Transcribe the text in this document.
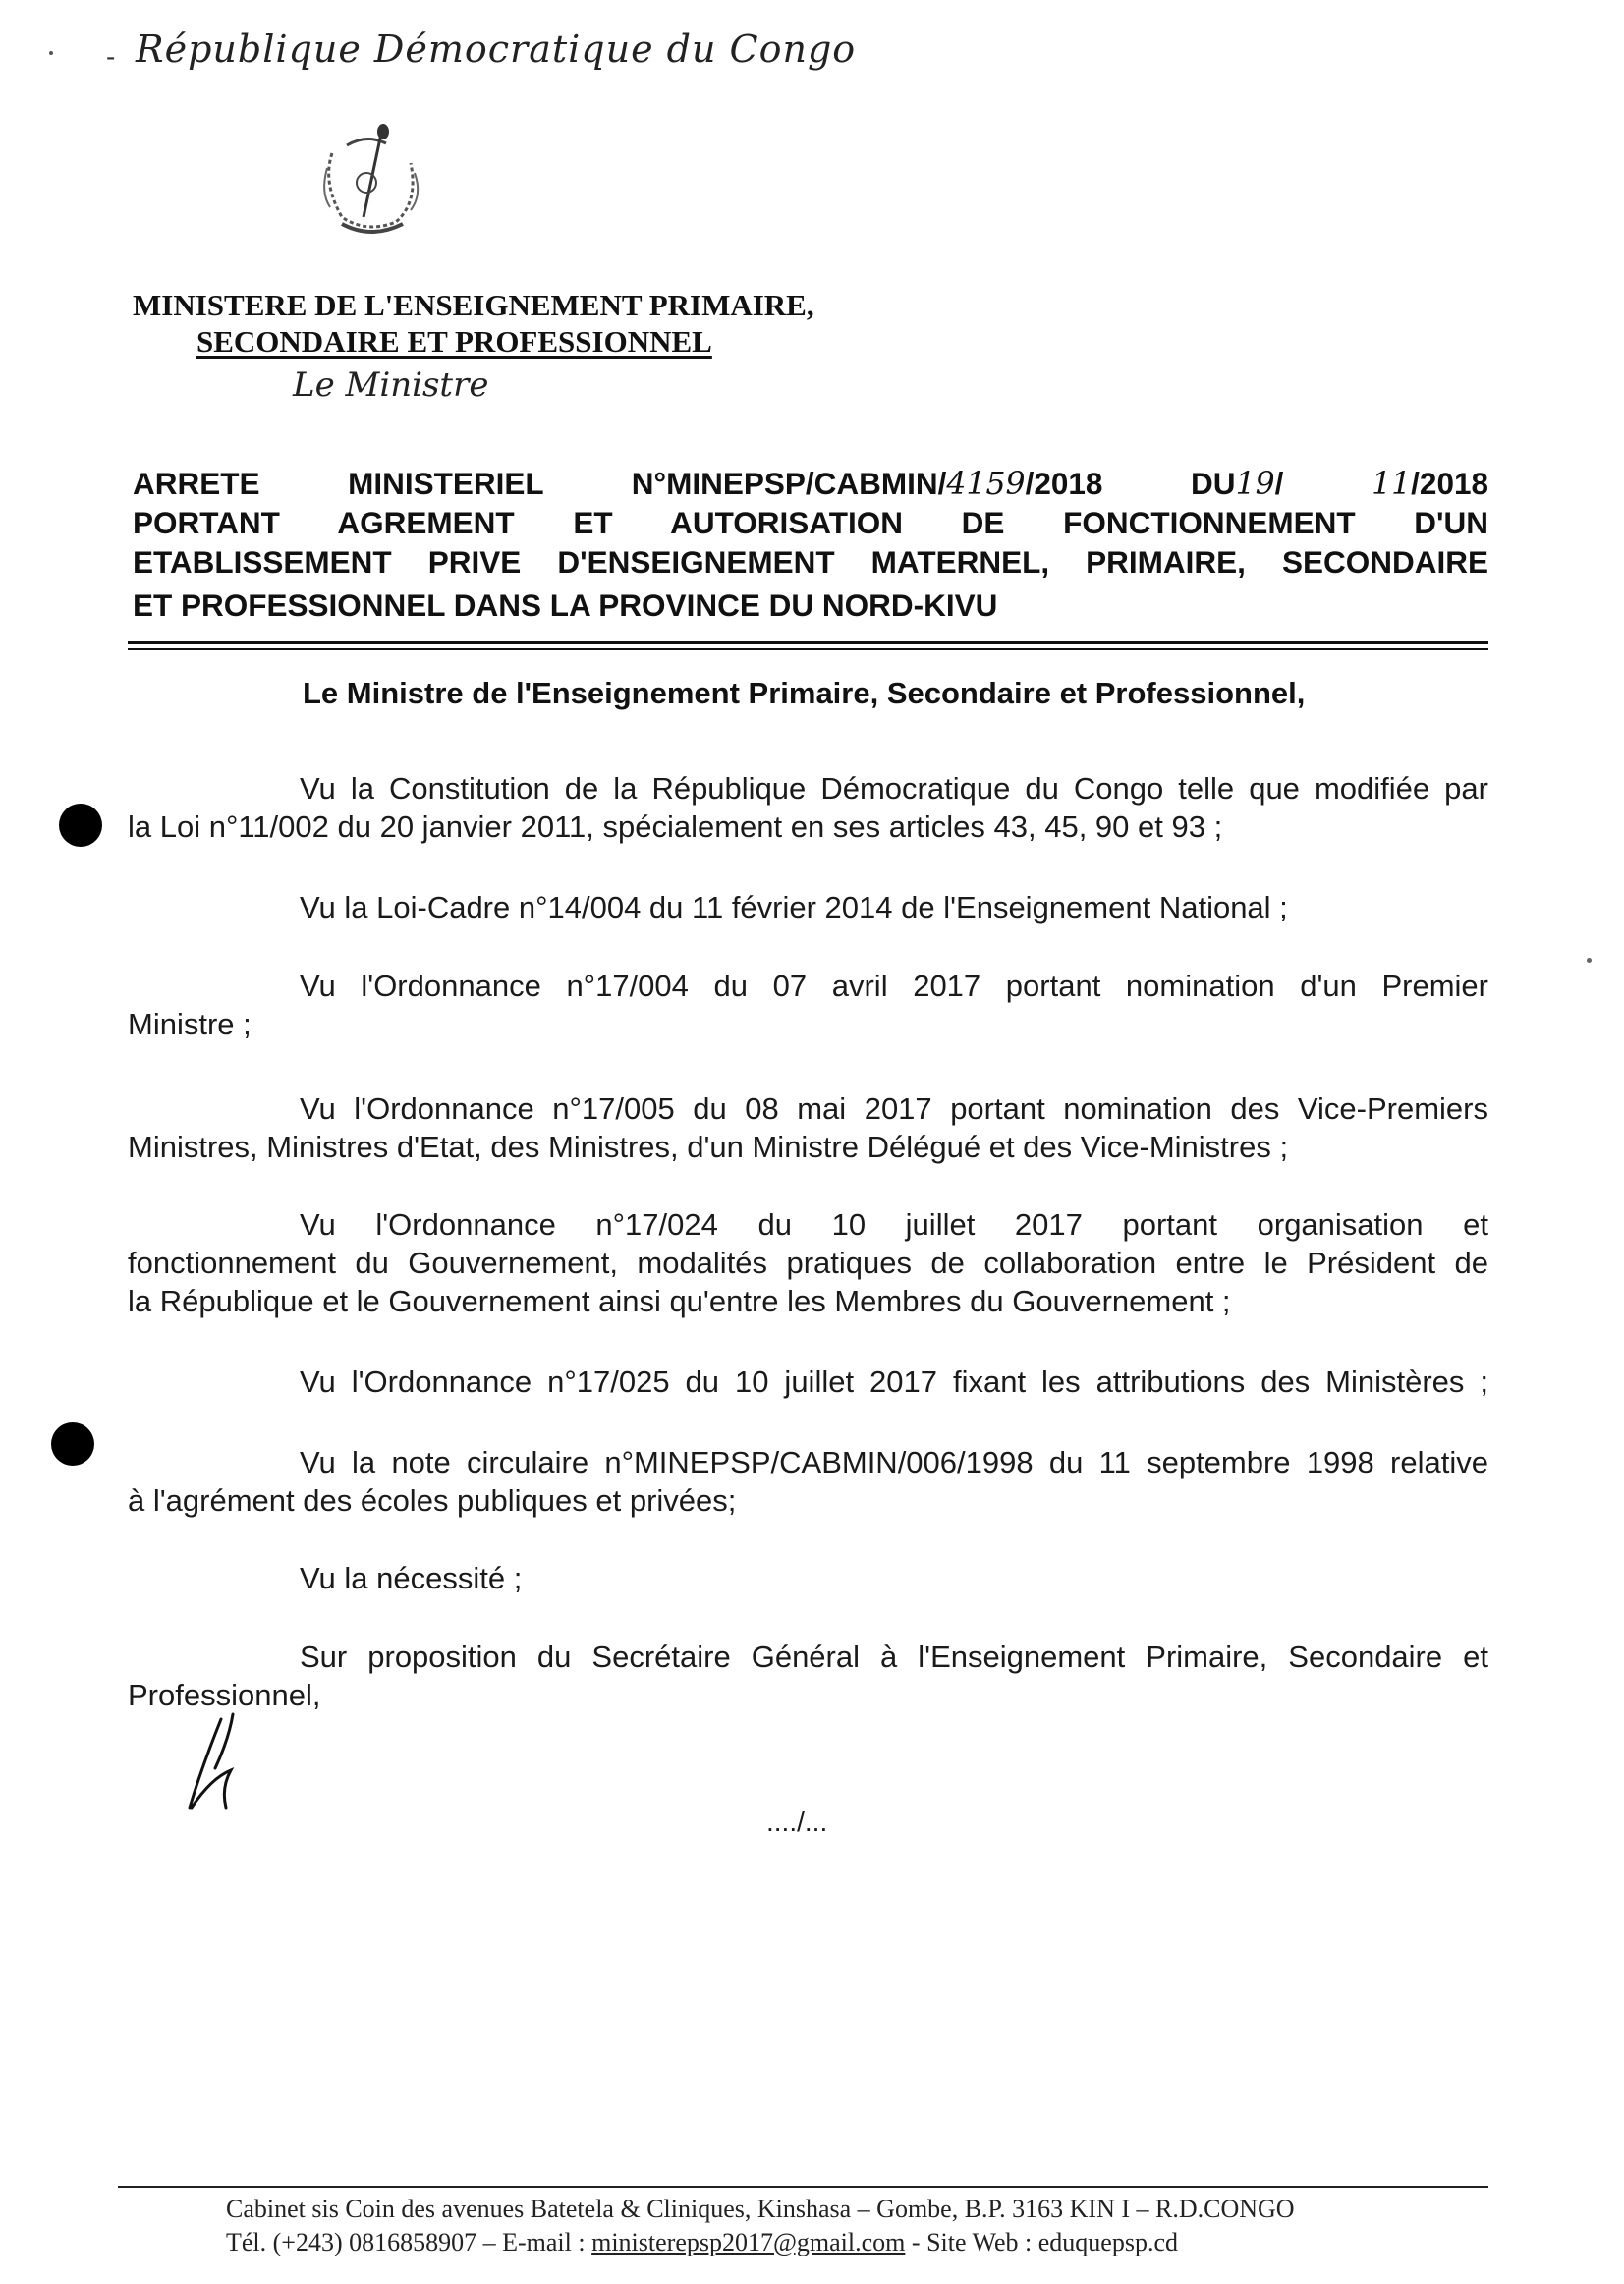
- République Démocratique du Congo
MINISTERE DE L'ENSEIGNEMENT PRIMAIRE,
SECONDAIRE ET PROFESSIONNEL
Le Ministre
ARRETE MINISTERIEL N°MINEPSP/CABMIN/4159/2018 DU19/ 11/2018
PORTANT AGREMENT ET AUTORISATION DE FONCTIONNEMENT D'UN
ETABLISSEMENT PRIVE D'ENSEIGNEMENT MATERNEL, PRIMAIRE, SECONDAIRE
ET PROFESSIONNEL DANS LA PROVINCE DU NORD-KIVU
Le Ministre de l'Enseignement Primaire, Secondaire et Professionnel,
Vu la Constitution de la République Démocratique du Congo telle que modifiée par
la Loi n°11/002 du 20 janvier 2011, spécialement en ses articles 43, 45, 90 et 93 ;
Vu la Loi-Cadre n°14/004 du 11 février 2014 de l'Enseignement National ;
Vu l'Ordonnance n°17/004 du 07 avril 2017 portant nomination d'un Premier
Ministre ;
Vu l'Ordonnance n°17/005 du 08 mai 2017 portant nomination des Vice-Premiers
Ministres, Ministres d'Etat, des Ministres, d'un Ministre Délégué et des Vice-Ministres ;
Vu l'Ordonnance n°17/024 du 10 juillet 2017 portant organisation et
fonctionnement du Gouvernement, modalités pratiques de collaboration entre le Président de
la République et le Gouvernement ainsi qu'entre les Membres du Gouvernement ;
Vu l'Ordonnance n°17/025 du 10 juillet 2017 fixant les attributions des Ministères ;
Vu la note circulaire n°MINEPSP/CABMIN/006/1998 du 11 septembre 1998 relative
à l'agrément des écoles publiques et privées;
Vu la nécessité ;
Sur proposition du Secrétaire Général à l'Enseignement Primaire, Secondaire et
Professionnel,
..../...
Cabinet sis Coin des avenues Batetela & Cliniques, Kinshasa – Gombe, B.P. 3163 KIN I – R.D.CONGO
Tél. (+243) 0816858907 – E-mail : ministerepsp2017@gmail.com - Site Web : eduquepsp.cd
